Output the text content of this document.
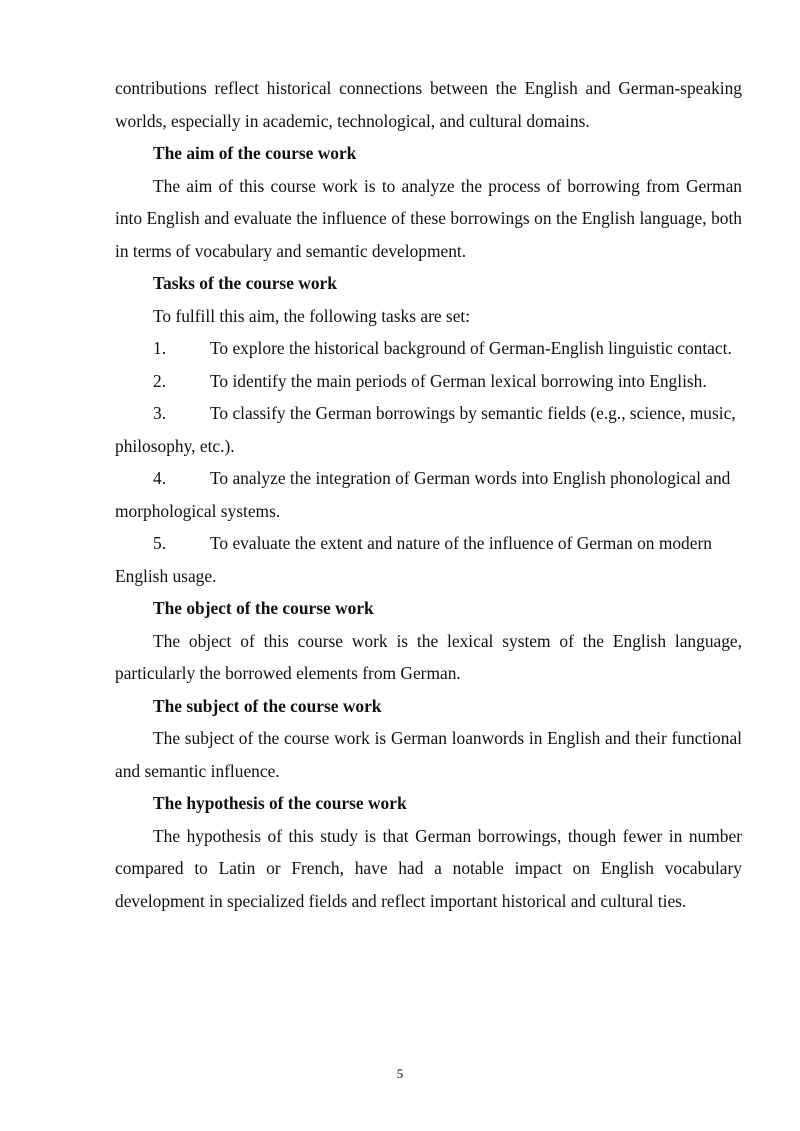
contributions reflect historical connections between the English and German-speaking worlds, especially in academic, technological, and cultural domains.

The aim of the course work

The aim of this course work is to analyze the process of borrowing from German into English and evaluate the influence of these borrowings on the English language, both in terms of vocabulary and semantic development.

Tasks of the course work

To fulfill this aim, the following tasks are set:

1.	To explore the historical background of German-English linguistic contact.

2.	To identify the main periods of German lexical borrowing into English.

3.	To classify the German borrowings by semantic fields (e.g., science, music, philosophy, etc.).

4.	To analyze the integration of German words into English phonological and morphological systems.

5.	To evaluate the extent and nature of the influence of German on modern English usage.

The object of the course work

The object of this course work is the lexical system of the English language, particularly the borrowed elements from German.

The subject of the course work

The subject of the course work is German loanwords in English and their functional and semantic influence.

The hypothesis of the course work

The hypothesis of this study is that German borrowings, though fewer in number compared to Latin or French, have had a notable impact on English vocabulary development in specialized fields and reflect important historical and cultural ties.

5
